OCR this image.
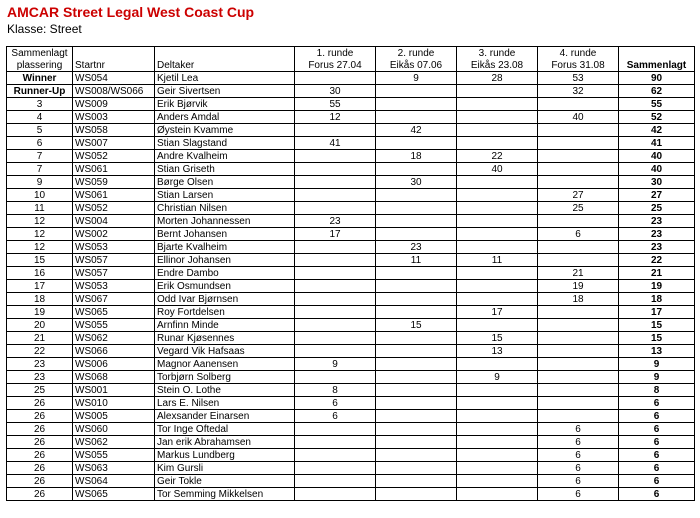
AMCAR Street Legal West Coast Cup
Klasse: Street
Sammenlagt			1. runde	2. runde	3. runde	4. runde	
plassering	Startnr	Deltaker	Forus 27.04	Eikås 07.06	Eikås 23.08	Forus 31.08	Sammenlagt
Winner	WS054	Kjetil Lea		9	28	53	90
Runner-Up	WS008/WS066	Geir Sivertsen	30			32	62
3	WS009	Erik Bjørvik	55				55
4	WS003	Anders Amdal	12			40	52
5	WS058	Øystein Kvamme		42			42
6	WS007	Stian Slagstand	41				41
7	WS052	Andre Kvalheim		18	22		40
7	WS061	Stian Griseth			40		40
9	WS059	Børge Olsen		30			30
10	WS061	Stian Larsen				27	27
11	WS052	Christian Nilsen				25	25
12	WS004	Morten Johannessen	23				23
12	WS002	Bernt Johansen	17			6	23
12	WS053	Bjarte Kvalheim		23			23
15	WS057	Ellinor Johansen		11	11		22
16	WS057	Endre Dambo				21	21
17	WS053	Erik Osmundsen				19	19
18	WS067	Odd Ivar Bjørnsen				18	18
19	WS065	Roy Fortdelsen			17		17
20	WS055	Arnfinn Minde		15			15
21	WS062	Runar Kjøsennes			15		15
22	WS066	Vegard Vik Hafsaas			13		13
23	WS006	Magnor Aanensen	9				9
23	WS068	Torbjørn Solberg			9		9
25	WS001	Stein O. Lothe	8				8
26	WS010	Lars E. Nilsen	6				6
26	WS005	Alexsander Einarsen	6				6
26	WS060	Tor Inge Oftedal				6	6
26	WS062	Jan erik Abrahamsen				6	6
26	WS055	Markus Lundberg				6	6
26	WS063	Kim Gursli				6	6
26	WS064	Geir Tokle				6	6
26	WS065	Tor Semming Mikkelsen				6	6
